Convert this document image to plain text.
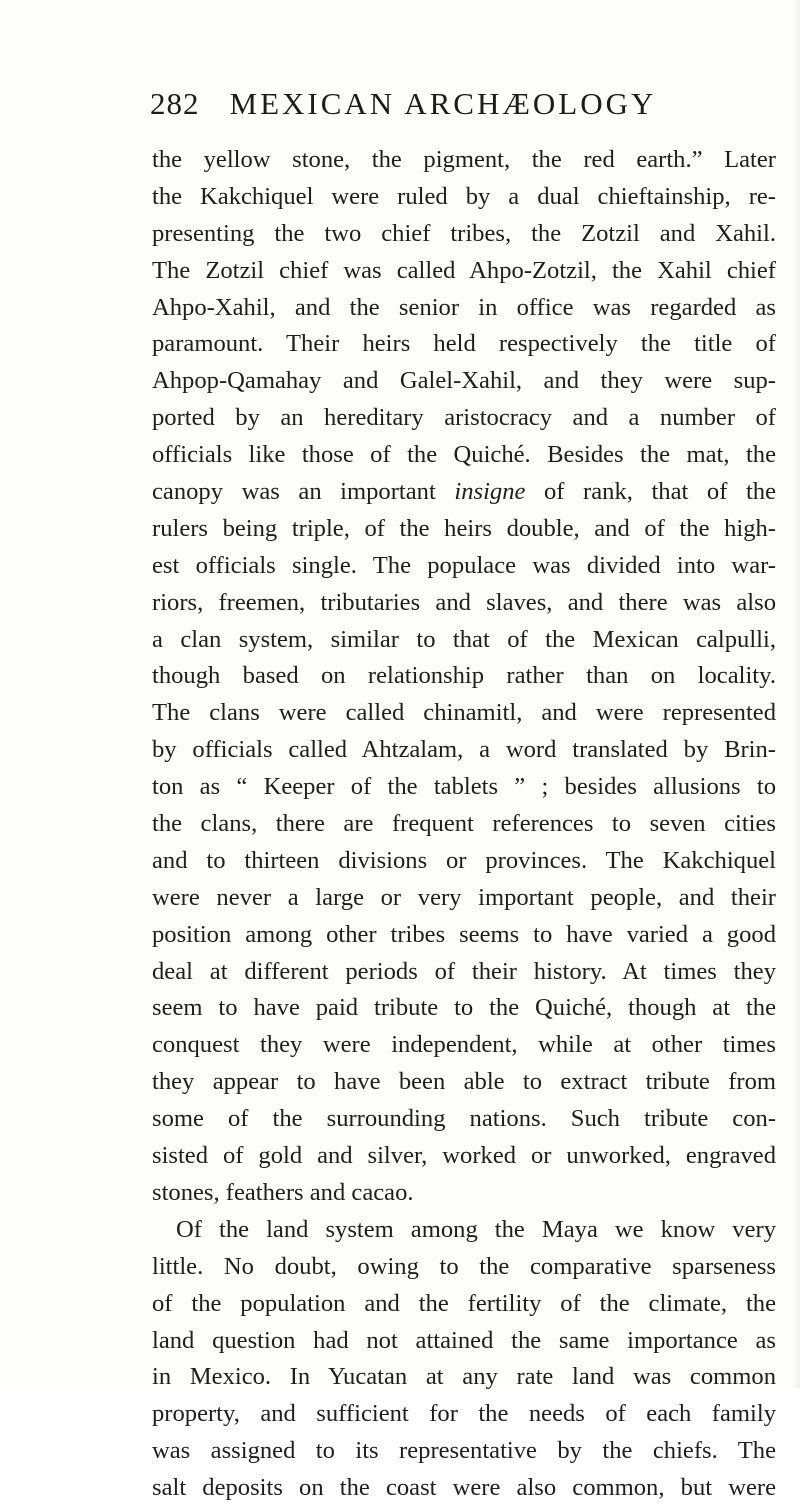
282 MEXICAN ARCHÆOLOGY
the yellow stone, the pigment, the red earth.” Later
the Kakchiquel were ruled by a dual chieftainship, re-
presenting the two chief tribes, the Zotzil and Xahil.
The Zotzil chief was called Ahpo-Zotzil, the Xahil chief
Ahpo-Xahil, and the senior in office was regarded as
paramount. Their heirs held respectively the title of
Ahpop-Qamahay and Galel-Xahil, and they were sup-
ported by an hereditary aristocracy and a number of
officials like those of the Quiché. Besides the mat, the
canopy was an important insigne of rank, that of the
rulers being triple, of the heirs double, and of the high-
est officials single. The populace was divided into war-
riors, freemen, tributaries and slaves, and there was also
a clan system, similar to that of the Mexican calpulli,
though based on relationship rather than on locality.
The clans were called chinamitl, and were represented
by officials called Ahtzalam, a word translated by Brin-
ton as “ Keeper of the tablets ” ; besides allusions to
the clans, there are frequent references to seven cities
and to thirteen divisions or provinces. The Kakchiquel
were never a large or very important people, and their
position among other tribes seems to have varied a good
deal at different periods of their history. At times they
seem to have paid tribute to the Quiché, though at the
conquest they were independent, while at other times
they appear to have been able to extract tribute from
some of the surrounding nations. Such tribute con-
sisted of gold and silver, worked or unworked, engraved
stones, feathers and cacao.
Of the land system among the Maya we know very
little. No doubt, owing to the comparative sparseness
of the population and the fertility of the climate, the
land question had not attained the same importance as
in Mexico. In Yucatan at any rate land was common
property, and sufficient for the needs of each family
was assigned to its representative by the chiefs. The
salt deposits on the coast were also common, but were
